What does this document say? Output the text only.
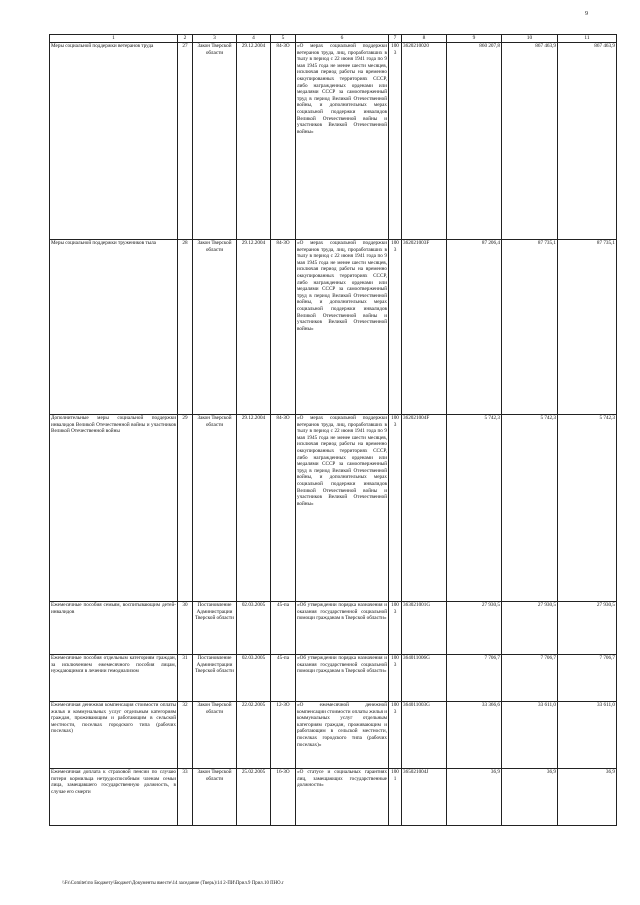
9
1	2	3	4	5	6	7	8	9	10	11
Меры социальной поддержки ветеранов труда	27	Закон Тверской области	29.12.2004	84-ЗО	«О мерах социальной поддержки ветеранов труда, лиц, проработавших в тылу в период с 22 июня 1941 года по 9 мая 1945 года не менее шести месяцев, исключая период работы на временно оккупированных территориях СССР, либо награжденных орденами или медалями СССР за самоотверженный труд в период Великой Отечественной войны, и дополнительных мерах социальной поддержки инвалидов Великой Отечественной войны и участников Великой Отечественной войны»	1003	3620210020	860 207,8	867 463,9	867 463,9
Меры социальной поддержки тружеников тыла	28	Закон Тверской области	29.12.2004	84-ЗО	«О мерах социальной поддержки ветеранов труда, лиц, проработавших в тылу в период с 22 июня 1941 года по 9 мая 1945 года не менее шести месяцев, исключая период работы на временно оккупированных территориях СССР, либо награжденных орденами или медалями СССР за самоотверженный труд в период Великой Отечественной войны, и дополнительных мерах социальной поддержки инвалидов Великой Отечественной войны и участников Великой Отечественной войны»	1003	362021003F	87 206,4	87 735,1	87 735,1
Дополнительные меры социальной поддержки инвалидов Великой Отечественной войны и участников Великой Отечественной войны	29	Закон Тверской области	29.12.2004	84-ЗО	«О мерах социальной поддержки ветеранов труда, лиц, проработавших в тылу в период с 22 июня 1941 года по 9 мая 1945 года не менее шести месяцев, исключая период работы на временно оккупированных территориях СССР, либо награжденных орденами или медалями СССР за самоотверженный труд в период Великой Отечественной войны, и дополнительных мерах социальной поддержки инвалидов Великой Отечественной войны и участников Великой Отечественной войны»	1003	362021004F	5 742,3	5 742,3	5 742,3
Ежемесячные пособия семьям, воспитывающим детей-инвалидов	30	Постановление Администрации Тверской области	02.03.2005	45-па	«Об утверждении порядка назначения и оказания государственной социальной помощи гражданам в Тверской области»	1003	363021001G	27 930,5	27 930,5	27 930,5
Ежемесячные пособия отдельным категориям граждан, за исключением ежемесячного пособия лицам, нуждающимся в лечении гемодиализом	31	Постановление Администрации Тверской области	02.03.2005	45-па	«Об утверждении порядка назначения и оказания государственной социальной помощи гражданам в Тверской области»	1003	364011006G	7 706,7	7 706,7	7 706,7
Ежемесячная денежная компенсация стоимости оплаты жилья и коммунальных услуг отдельным категориям граждан, проживающим и работающим в сельской местности, поселках городского типа (рабочих поселках)	32	Закон Тверской области	22.02.2005	12-ЗО	«О ежемесячной денежной компенсации стоимости оплаты жилья и коммунальных услуг отдельным категориям граждан, проживающим и работающим в сельской местности, поселках городского типа (рабочих поселках)»	1003	364011003G	33 366,6	33 611,0	33 611,0
Ежемесячная доплата к страховой пенсии по случаю потери кормильца нетрудоспособным членам семьи лица, замещавшего государственную должность, в случае его смерти	33	Закон Тверской области	25.02.2005	16-ЗО	«О статусе и социальных гарантиях лиц, замещающих государственные должности»	1001	365021004J	36,9	36,9	36,9
\\Fs\Comitet\по Бюджету\Бюджет\Документы вместе\14 заседание (Тверь)\14 2-ПИ\Прил.9 Прил.10 ПНО.r
